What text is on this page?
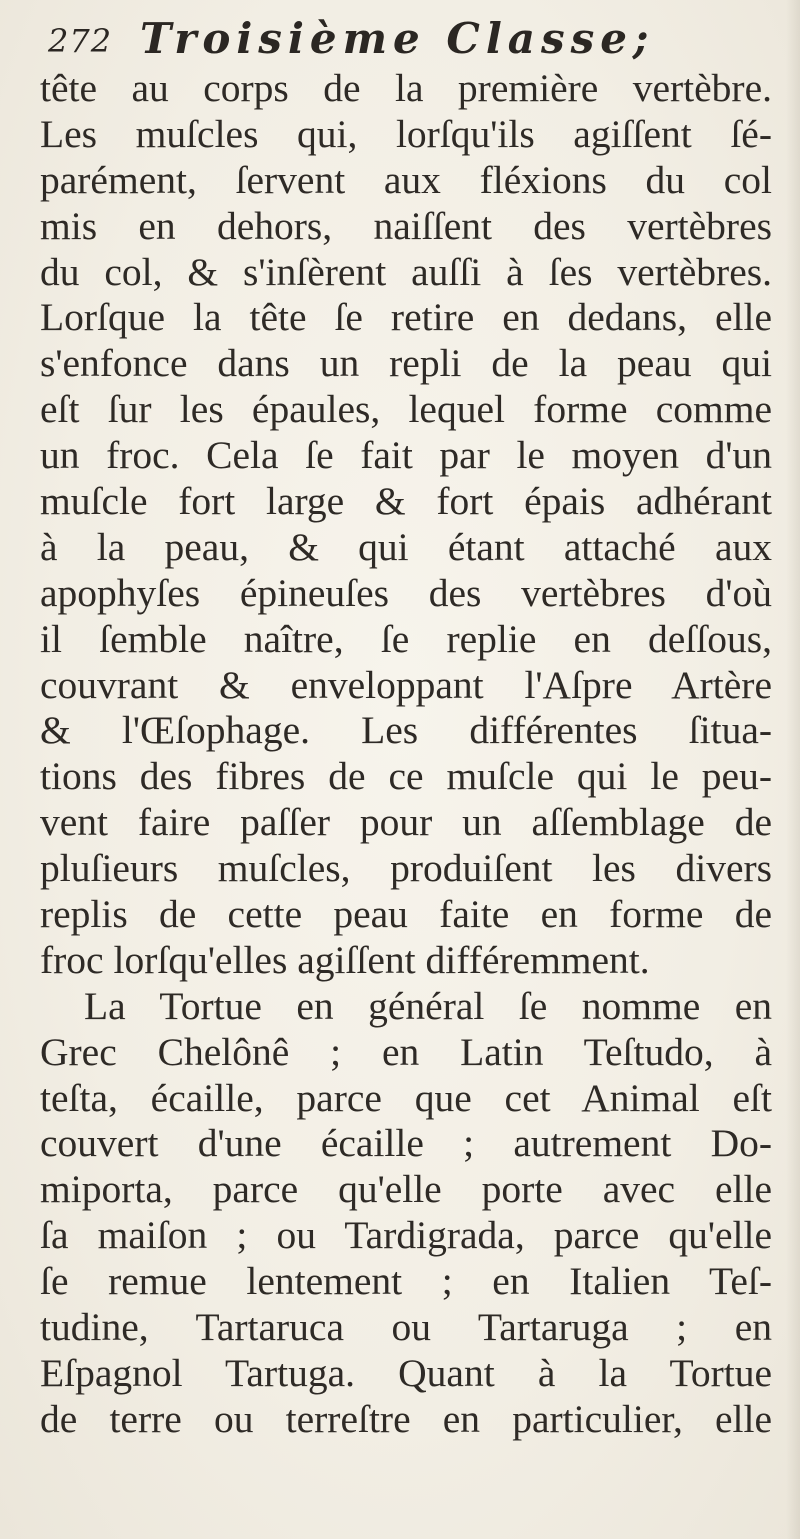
272 Troisième Classe;
tête au corps de la première vertèbre.
Les muſcles qui, lorſqu'ils agiſſent ſé-
parément, ſervent aux fléxions du col
mis en dehors, naiſſent des vertèbres
du col, & s'inſèrent auſſi à ſes vertèbres.
Lorſque la tête ſe retire en dedans, elle
s'enfonce dans un repli de la peau qui
eſt ſur les épaules, lequel forme comme
un froc. Cela ſe fait par le moyen d'un
muſcle fort large & fort épais adhérant
à la peau, & qui étant attaché aux
apophyſes épineuſes des vertèbres d'où
il ſemble naître, ſe replie en deſſous,
couvrant & enveloppant l'Aſpre Artère
& l'Œſophage. Les différentes ſitua-
tions des fibres de ce muſcle qui le peu-
vent faire paſſer pour un aſſemblage de
pluſieurs muſcles, produiſent les divers
replis de cette peau faite en forme de
froc lorſqu'elles agiſſent différemment.
La Tortue en général ſe nomme en
Grec Chelônê ; en Latin Teſtudo, à
teſta, écaille, parce que cet Animal eſt
couvert d'une écaille ; autrement Do-
miporta, parce qu'elle porte avec elle
ſa maiſon ; ou Tardigrada, parce qu'elle
ſe remue lentement ; en Italien Teſ-
tudine, Tartaruca ou Tartaruga ; en
Eſpagnol Tartuga. Quant à la Tortue
de terre ou terreſtre en particulier, elle
